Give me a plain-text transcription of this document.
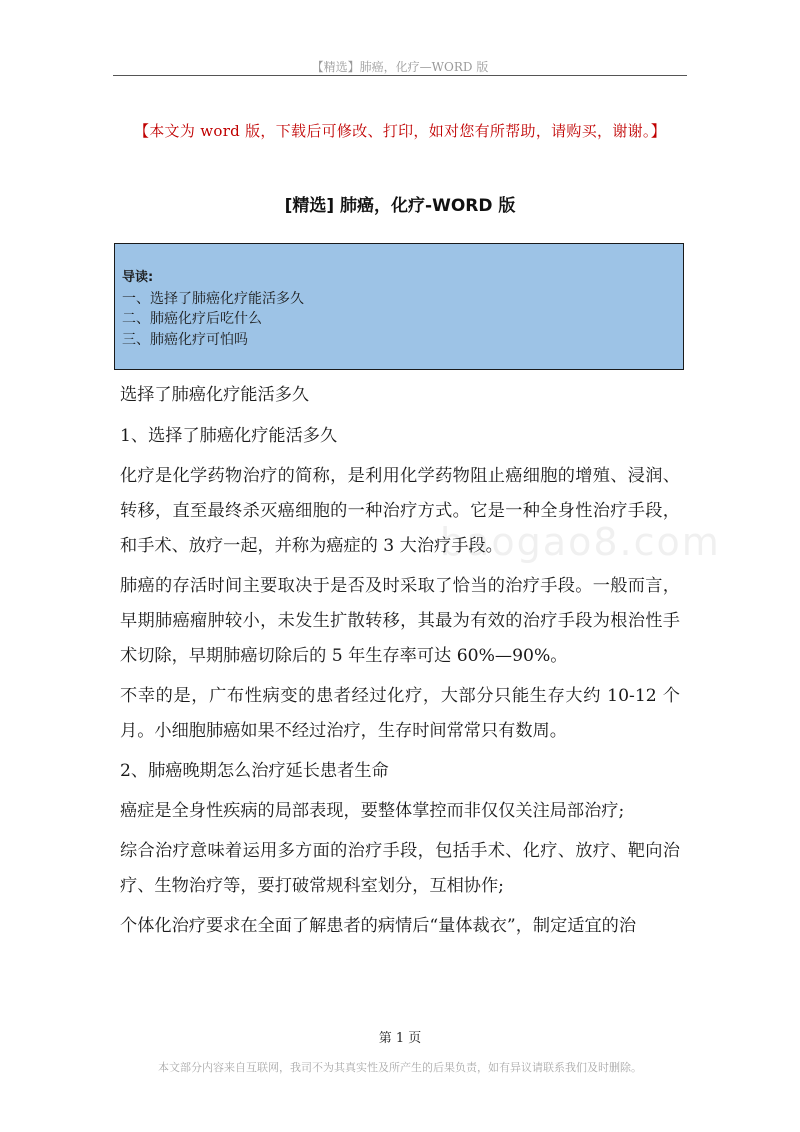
【精选】肺癌，化疗—WORD 版
【本文为 word 版，下载后可修改、打印，如对您有所帮助，请购买，谢谢。】
[精选] 肺癌，化疗-WORD 版
导读:
一、选择了肺癌化疗能活多久
二、肺癌化疗后吃什么
三、肺癌化疗可怕吗
baogao8.com

选择了肺癌化疗能活多久

1、选择了肺癌化疗能活多久

化疗是化学药物治疗的简称，是利用化学药物阻止癌细胞的增殖、浸润、转移，直至最终杀灭癌细胞的一种治疗方式。它是一种全身性治疗手段，和手术、放疗一起，并称为癌症的 3 大治疗手段。

肺癌的存活时间主要取决于是否及时采取了恰当的治疗手段。一般而言，早期肺癌瘤肿较小，未发生扩散转移，其最为有效的治疗手段为根治性手术切除，早期肺癌切除后的 5 年生存率可达 60%—90%。

不幸的是，广布性病变的患者经过化疗，大部分只能生存大约 10-12 个月。小细胞肺癌如果不经过治疗，生存时间常常只有数周。

2、肺癌晚期怎么治疗延长患者生命

癌症是全身性疾病的局部表现，要整体掌控而非仅仅关注局部治疗;

综合治疗意味着运用多方面的治疗手段，包括手术、化疗、放疗、靶向治疗、生物治疗等，要打破常规科室划分，互相协作;

个体化治疗要求在全面了解患者的病情后“量体裁衣”，制定适宜的治

第 1 页
本文部分内容来自互联网，我司不为其真实性及所产生的后果负责，如有异议请联系我们及时删除。
